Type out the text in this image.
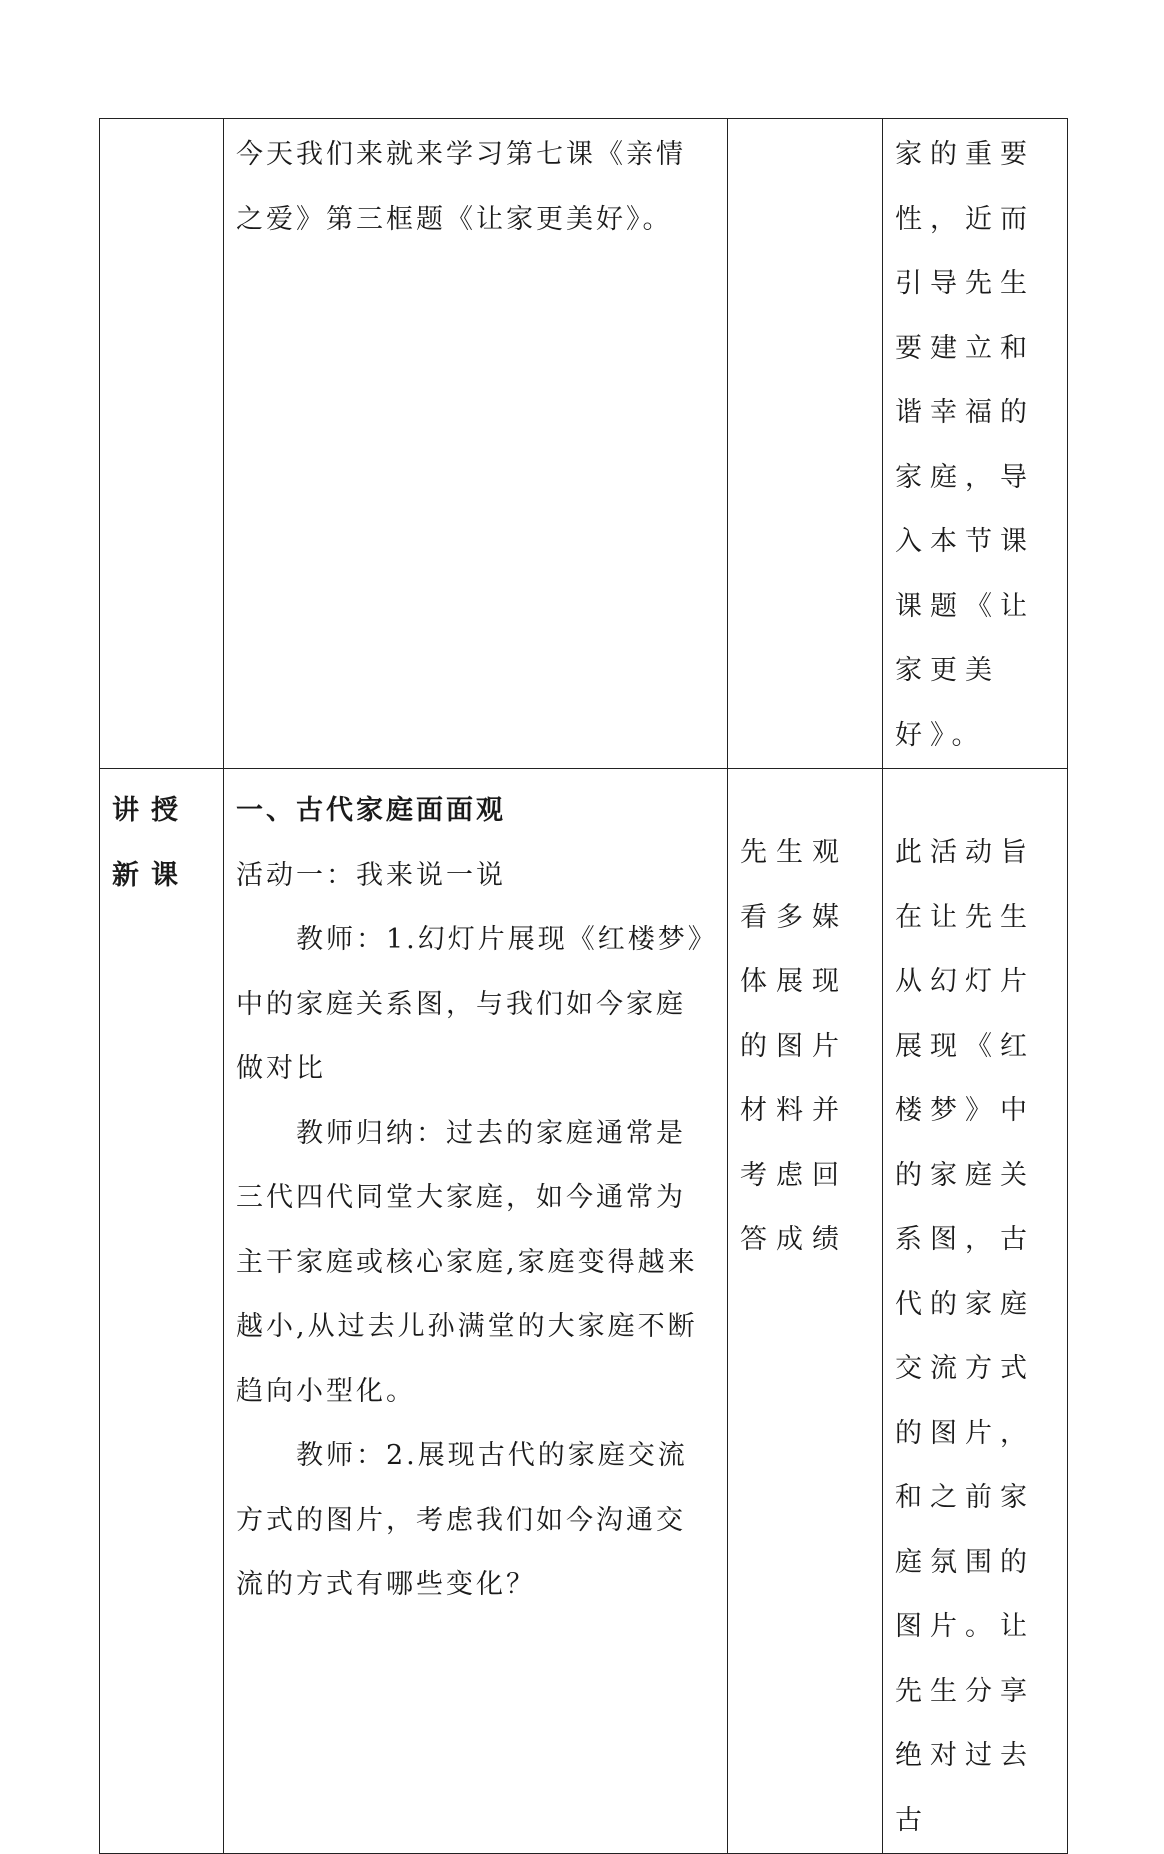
	今天我们来就来学习第七课《亲情之爱》第三框题《让家更美好》。		家的重要性，近而引导先生要建立和谐幸福的家庭，导入本节课课题《让家更美好》。

讲授新课	一、古代家庭面面观

活动一：我来说一说

教师：1.幻灯片展现《红楼梦》中的家庭关系图，与我们如今家庭做对比

教师归纳：过去的家庭通常是三代四代同堂大家庭，如今通常为主干家庭或核心家庭,家庭变得越来越小,从过去儿孙满堂的大家庭不断趋向小型化。

教师：2.展现古代的家庭交流方式的图片，考虑我们如今沟通交流的方式有哪些变化？	先生观看多媒体展现的图片材料并考虑回答成绩	此活动旨在让先生从幻灯片展现《红楼梦》中的家庭关系图，古代的家庭交流方式的图片，和之前家庭氛围的图片。让先生分享绝对过去古
